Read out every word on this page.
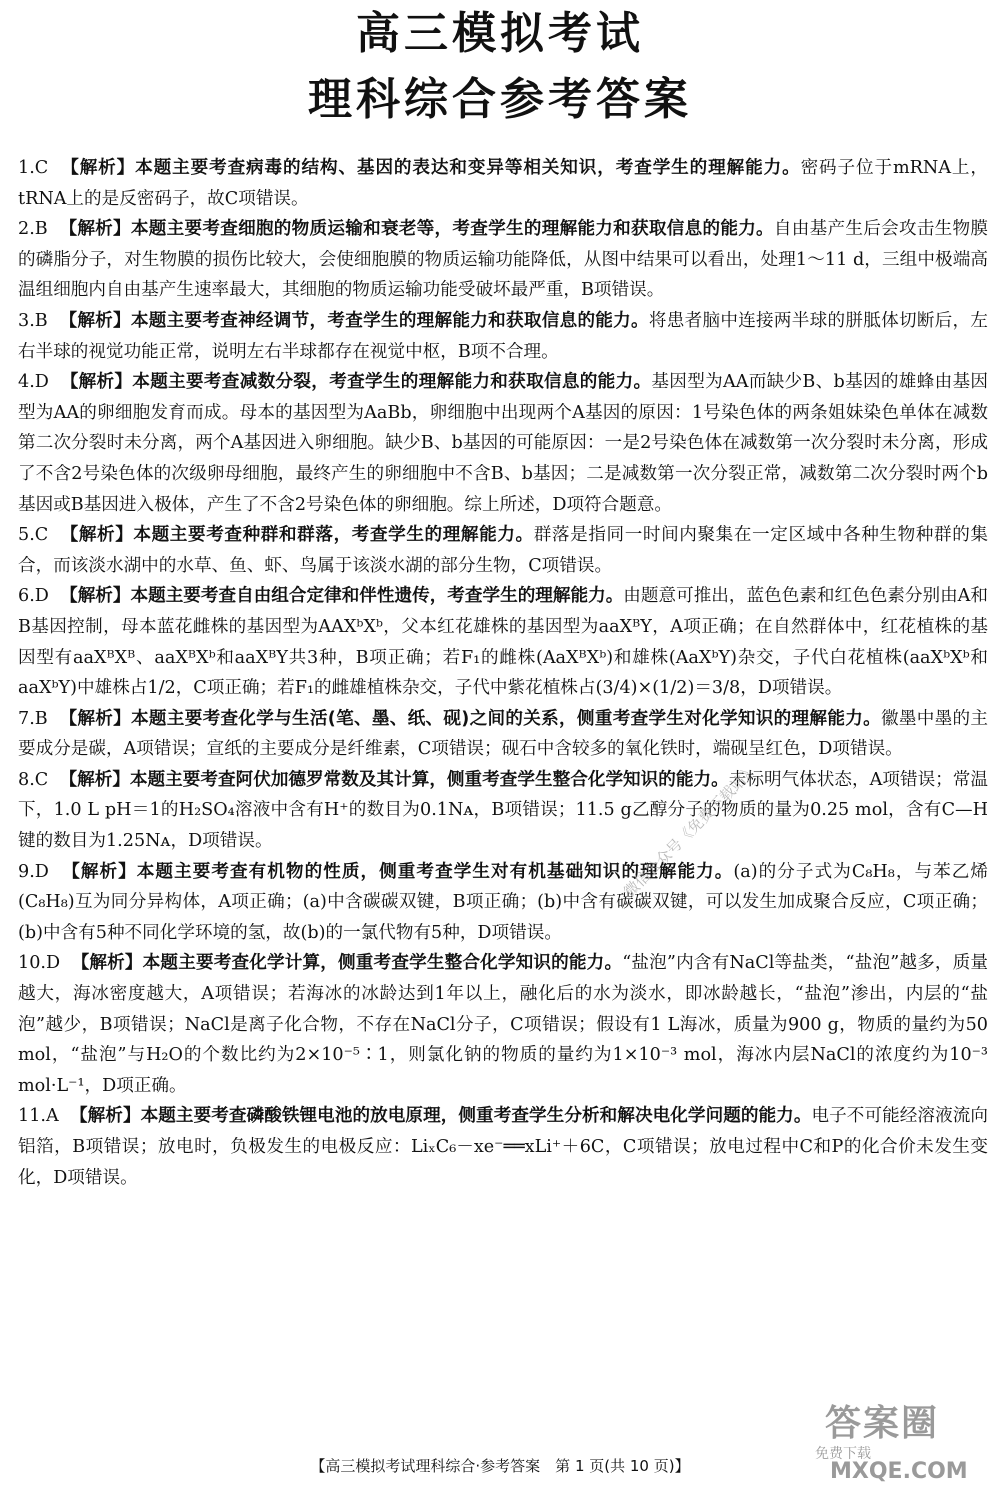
高三模拟考试
理科综合参考答案

1.C 【解析】本题主要考查病毒的结构、基因的表达和变异等相关知识，考查学生的理解能力。密码子位于mRNA上，tRNA上的是反密码子，故C项错误。

2.B 【解析】本题主要考查细胞的物质运输和衰老等，考查学生的理解能力和获取信息的能力。自由基产生后会攻击生物膜的磷脂分子，对生物膜的损伤比较大，会使细胞膜的物质运输功能降低，从图中结果可以看出，处理1～11 d，三组中极端高温组细胞内自由基产生速率最大，其细胞的物质运输功能受破坏最严重，B项错误。

3.B 【解析】本题主要考查神经调节，考查学生的理解能力和获取信息的能力。将患者脑中连接两半球的胼胝体切断后，左右半球的视觉功能正常，说明左右半球都存在视觉中枢，B项不合理。

4.D 【解析】本题主要考查减数分裂，考查学生的理解能力和获取信息的能力。基因型为AA而缺少B、b基因的雄蜂由基因型为AA的卵细胞发育而成。母本的基因型为AaBb，卵细胞中出现两个A基因的原因：1号染色体的两条姐妹染色单体在减数第二次分裂时未分离，两个A基因进入卵细胞。缺少B、b基因的可能原因：一是2号染色体在减数第一次分裂时未分离，形成了不含2号染色体的次级卵母细胞，最终产生的卵细胞中不含B、b基因；二是减数第一次分裂正常，减数第二次分裂时两个b基因或B基因进入极体，产生了不含2号染色体的卵细胞。综上所述，D项符合题意。

5.C 【解析】本题主要考查种群和群落，考查学生的理解能力。群落是指同一时间内聚集在一定区域中各种生物种群的集合，而该淡水湖中的水草、鱼、虾、鸟属于该淡水湖的部分生物，C项错误。

6.D 【解析】本题主要考查自由组合定律和伴性遗传，考查学生的理解能力。由题意可推出，蓝色色素和红色色素分别由A和B基因控制，母本蓝花雌株的基因型为AAXᵇXᵇ，父本红花雄株的基因型为aaXᴮY，A项正确；在自然群体中，红花植株的基因型有aaXᴮXᴮ、aaXᴮXᵇ和aaXᴮY共3种，B项正确；若F₁的雌株(AaXᴮXᵇ)和雄株(AaXᵇY)杂交，子代白花植株(aaXᵇXᵇ和aaXᵇY)中雄株占1/2，C项正确；若F₁的雌雄植株杂交，子代中紫花植株占(3/4)×(1/2)＝3/8，D项错误。

7.B 【解析】本题主要考查化学与生活(笔、墨、纸、砚)之间的关系，侧重考查学生对化学知识的理解能力。徽墨中墨的主要成分是碳，A项错误；宣纸的主要成分是纤维素，C项错误；砚石中含较多的氧化铁时，端砚呈红色，D项错误。

8.C 【解析】本题主要考查阿伏加德罗常数及其计算，侧重考查学生整合化学知识的能力。未标明气体状态，A项错误；常温下，1.0 L pH＝1的H₂SO₄溶液中含有H⁺的数目为0.1Nᴀ，B项错误；11.5 g乙醇分子的物质的量为0.25 mol，含有C—H键的数目为1.25Nᴀ，D项错误。

9.D 【解析】本题主要考查有机物的性质，侧重考查学生对有机基础知识的理解能力。(a)的分子式为C₈H₈，与苯乙烯(C₈H₈)互为同分异构体，A项正确；(a)中含碳碳双键，B项正确；(b)中含有碳碳双键，可以发生加成聚合反应，C项正确；(b)中含有5种不同化学环境的氢，故(b)的一氯代物有5种，D项错误。

10.D 【解析】本题主要考查化学计算，侧重考查学生整合化学知识的能力。“盐泡”内含有NaCl等盐类，“盐泡”越多，质量越大，海冰密度越大，A项错误；若海冰的冰龄达到1年以上，融化后的水为淡水，即冰龄越长，“盐泡”渗出，内层的“盐泡”越少，B项错误；NaCl是离子化合物，不存在NaCl分子，C项错误；假设有1 L海冰，质量为900 g，物质的量约为50 mol，“盐泡”与H₂O的个数比约为2×10⁻⁵∶1，则氯化钠的物质的量约为1×10⁻³ mol，海冰内层NaCl的浓度约为10⁻³ mol·L⁻¹，D项正确。

11.A 【解析】本题主要考查磷酸铁锂电池的放电原理，侧重考查学生分析和解决电化学问题的能力。电子不可能经溶液流向铝箔，B项错误；放电时，负极发生的电极反应：LiₓC₆－xe⁻══xLi⁺＋6C，C项错误；放电过程中C和P的化合价未发生变化，D项错误。

微信公众号《免费下载站》
答案圈
免费下载
MXQE.COM
【高三模拟考试理科综合·参考答案　第 1 页(共 10 页)】
